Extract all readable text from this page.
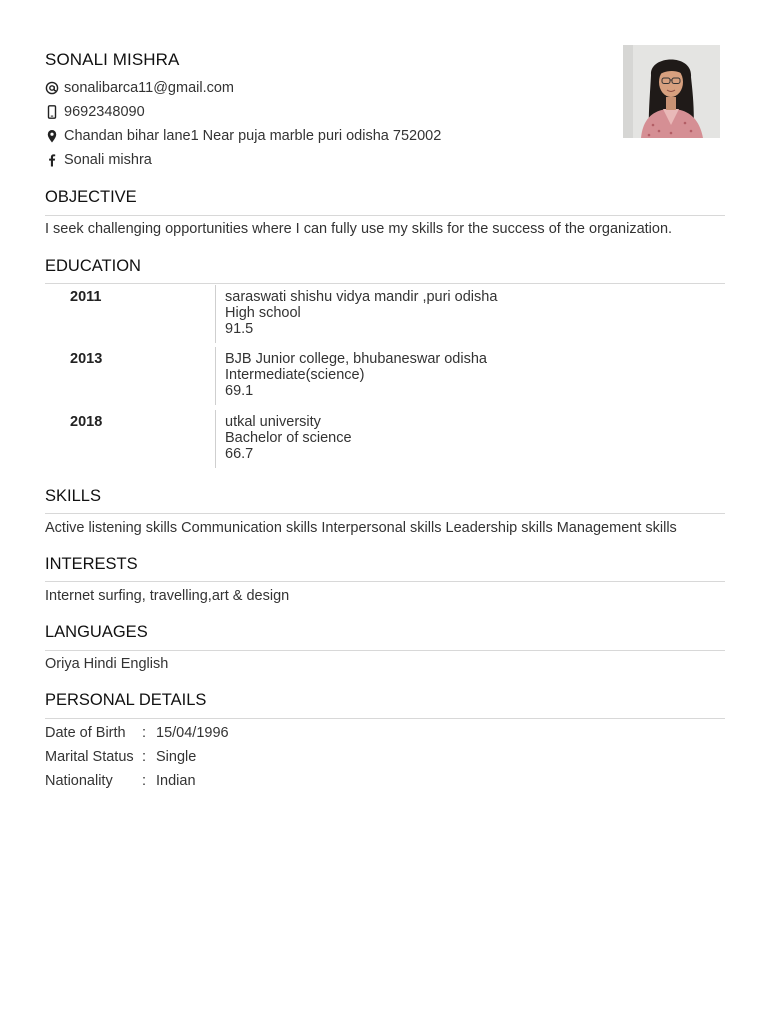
SONALI MISHRA
sonalibarca11@gmail.com
9692348090
Chandan bihar lane1 Near puja marble puri odisha 752002
Sonali mishra
OBJECTIVE
I seek challenging opportunities where I can fully use my skills for the success of the organization.
EDUCATION
2011	saraswati shishu vidya mandir ,puri odisha
High school
91.5
2013	BJB Junior college, bhubaneswar odisha
Intermediate(science)
69.1
2018	utkal university
Bachelor of science
66.7
SKILLS
Active listening skills Communication skills Interpersonal skills Leadership skills Management skills
INTERESTS
Internet surfing, travelling,art & design
LANGUAGES
Oriya Hindi English
PERSONAL DETAILS
Date of Birth : 15/04/1996
Marital Status : Single
Nationality : Indian
